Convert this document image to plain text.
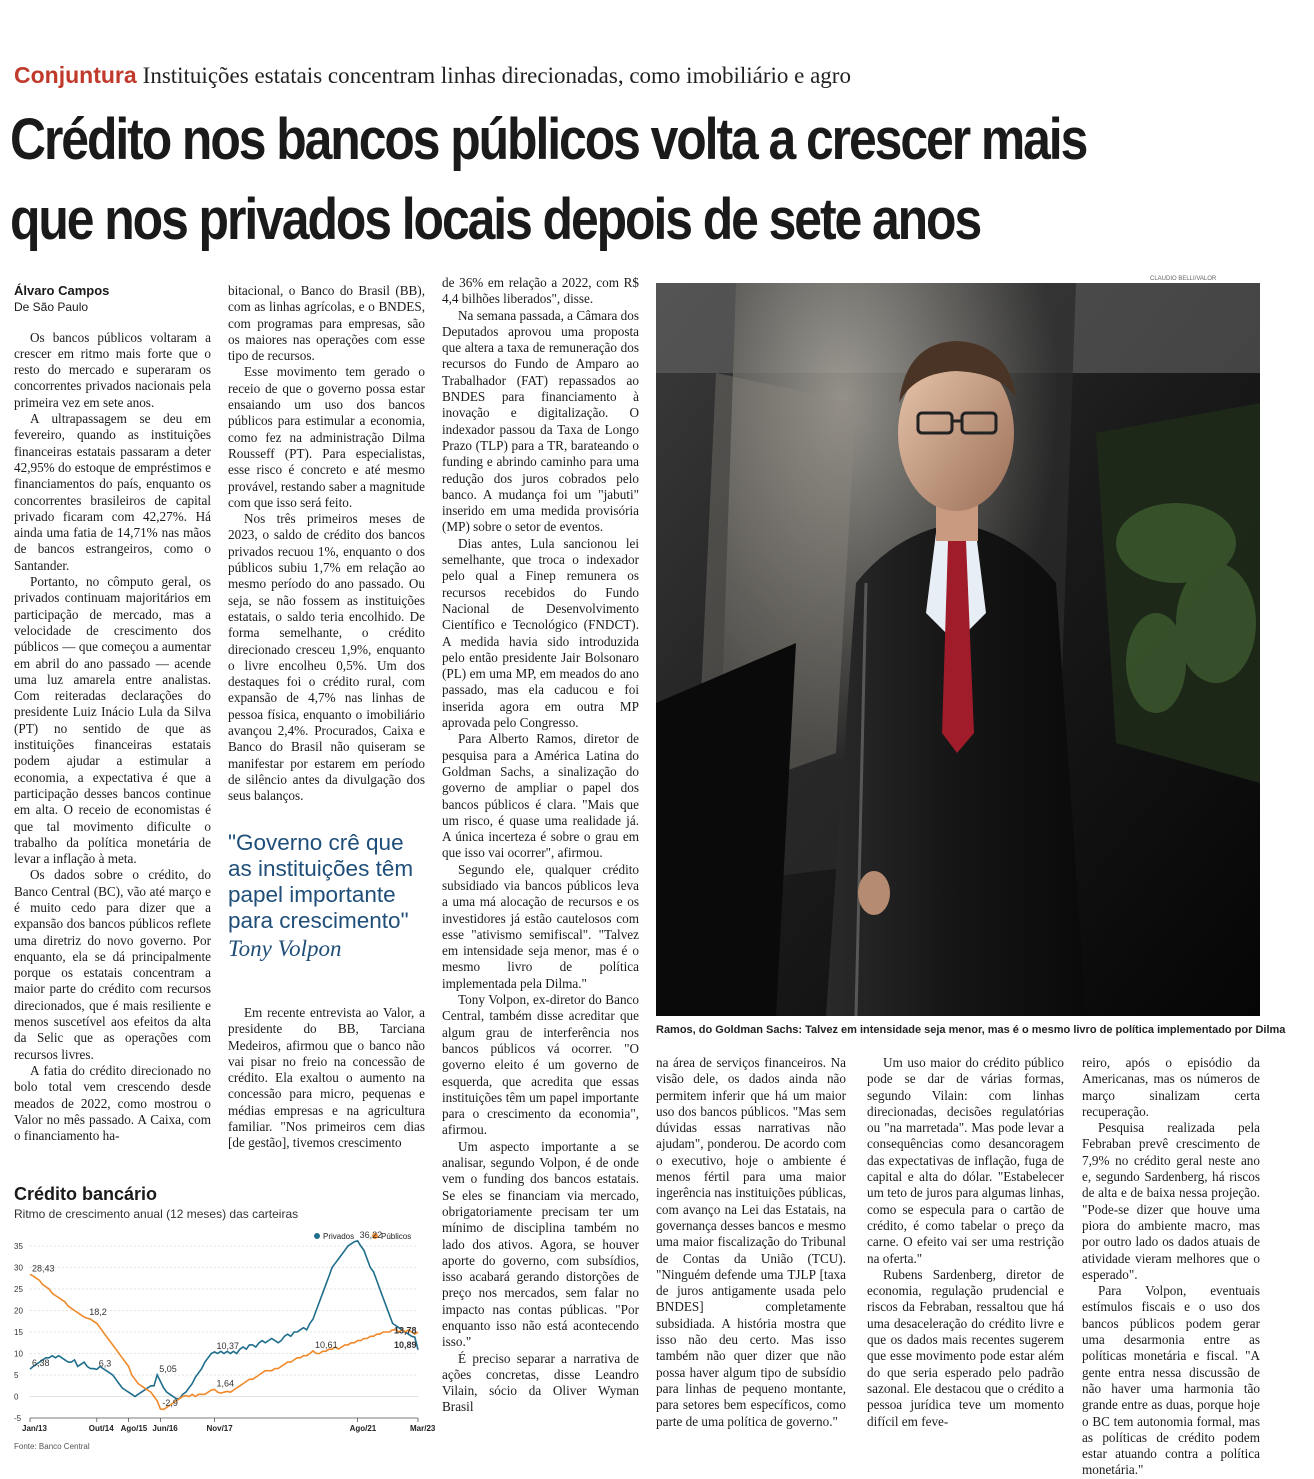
Conjuntura Instituições estatais concentram linhas direcionadas, como imobiliário e agro
Crédito nos bancos públicos volta a crescer mais
que nos privados locais depois de sete anos
Álvaro Campos
De São Paulo

Os bancos públicos voltaram a crescer em ritmo mais forte que o resto do mercado e superaram os concorrentes privados nacionais pela primeira vez em sete anos.

A ultrapassagem se deu em fevereiro, quando as instituições financeiras estatais passaram a deter 42,95% do estoque de empréstimos e financiamentos do país, enquanto os concorrentes brasileiros de capital privado ficaram com 42,27%. Há ainda uma fatia de 14,71% nas mãos de bancos estrangeiros, como o Santander.

Portanto, no cômputo geral, os privados continuam majoritários em participação de mercado, mas a velocidade de crescimento dos públicos — que começou a aumentar em abril do ano passado — acende uma luz amarela entre analistas. Com reiteradas declarações do presidente Luiz Inácio Lula da Silva (PT) no sentido de que as instituições financeiras estatais podem ajudar a estimular a economia, a expectativa é que a participação desses bancos continue em alta. O receio de economistas é que tal movimento dificulte o trabalho da política monetária de levar a inflação à meta.

Os dados sobre o crédito, do Banco Central (BC), vão até março e é muito cedo para dizer que a expansão dos bancos públicos reflete uma diretriz do novo governo. Por enquanto, ela se dá principalmente porque os estatais concentram a maior parte do crédito com recursos direcionados, que é mais resiliente e menos suscetível aos efeitos da alta da Selic que as operações com recursos livres.

A fatia do crédito direcionado no bolo total vem crescendo desde meados de 2022, como mostrou o Valor no mês passado. A Caixa, com o financiamento ha-

bitacional, o Banco do Brasil (BB), com as linhas agrícolas, e o BNDES, com programas para empresas, são os maiores nas operações com esse tipo de recursos.

Esse movimento tem gerado o receio de que o governo possa estar ensaiando um uso dos bancos públicos para estimular a economia, como fez na administração Dilma Rousseff (PT). Para especialistas, esse risco é concreto e até mesmo provável, restando saber a magnitude com que isso será feito.

Nos três primeiros meses de 2023, o saldo de crédito dos bancos privados recuou 1%, enquanto o dos públicos subiu 1,7% em relação ao mesmo período do ano passado. Ou seja, se não fossem as instituições estatais, o saldo teria encolhido. De forma semelhante, o crédito direcionado cresceu 1,9%, enquanto o livre encolheu 0,5%. Um dos destaques foi o crédito rural, com expansão de 4,7% nas linhas de pessoa física, enquanto o imobiliário avançou 2,4%. Procurados, Caixa e Banco do Brasil não quiseram se manifestar por estarem em período de silêncio antes da divulgação dos seus balanços.

"Governo crê que as instituições têm papel importante para crescimento"
Tony Volpon

Em recente entrevista ao Valor, a presidente do BB, Tarciana Medeiros, afirmou que o banco não vai pisar no freio na concessão de crédito. Ela exaltou o aumento na concessão para micro, pequenas e médias empresas e na agricultura familiar. "Nos primeiros cem dias [de gestão], tivemos crescimento

de 36% em relação a 2022, com R$ 4,4 bilhões liberados", disse.

Na semana passada, a Câmara dos Deputados aprovou uma proposta que altera a taxa de remuneração dos recursos do Fundo de Amparo ao Trabalhador (FAT) repassados ao BNDES para financiamento à inovação e digitalização. O indexador passou da Taxa de Longo Prazo (TLP) para a TR, barateando o funding e abrindo caminho para uma redução dos juros cobrados pelo banco. A mudança foi um "jabuti" inserido em uma medida provisória (MP) sobre o setor de eventos.

Dias antes, Lula sancionou lei semelhante, que troca o indexador pelo qual a Finep remunera os recursos recebidos do Fundo Nacional de Desenvolvimento Científico e Tecnológico (FNDCT). A medida havia sido introduzida pelo então presidente Jair Bolsonaro (PL) em uma MP, em meados do ano passado, mas ela caducou e foi inserida agora em outra MP aprovada pelo Congresso.

Para Alberto Ramos, diretor de pesquisa para a América Latina do Goldman Sachs, a sinalização do governo de ampliar o papel dos bancos públicos é clara. "Mais que um risco, é quase uma realidade já. A única incerteza é sobre o grau em que isso vai ocorrer", afirmou.

Segundo ele, qualquer crédito subsidiado via bancos públicos leva a uma má alocação de recursos e os investidores já estão cautelosos com esse "ativismo semifiscal". "Talvez em intensidade seja menor, mas é o mesmo livro de política implementada pela Dilma."

Tony Volpon, ex-diretor do Banco Central, também disse acreditar que algum grau de interferência nos bancos públicos vá ocorrer. "O governo eleito é um governo de esquerda, que acredita que essas instituições têm um papel importante para o crescimento da economia", afirmou.

Um aspecto importante a se analisar, segundo Volpon, é de onde vem o funding dos bancos estatais. Se eles se financiam via mercado, obrigatoriamente precisam ter um mínimo de disciplina também no lado dos ativos. Agora, se houver aporte do governo, com subsídios, isso acabará gerando distorções de preço nos mercados, sem falar no impacto nas contas públicas. "Por enquanto isso não está acontecendo isso."

É preciso separar a narrativa de ações concretas, disse Leandro Vilain, sócio da Oliver Wyman Brasil

CLAUDIO BELLI/VALOR
Ramos, do Goldman Sachs: Talvez em intensidade seja menor, mas é o mesmo livro de política implementado por Dilma

na área de serviços financeiros. Na visão dele, os dados ainda não permitem inferir que há um maior uso dos bancos públicos. "Mas sem dúvidas essas narrativas não ajudam", ponderou. De acordo com o executivo, hoje o ambiente é menos fértil para uma maior ingerência nas instituições públicas, com avanço na Lei das Estatais, na governança desses bancos e mesmo uma maior fiscalização do Tribunal de Contas da União (TCU). "Ninguém defende uma TJLP [taxa de juros antigamente usada pelo BNDES] completamente subsidiada. A história mostra que isso não deu certo. Mas isso também não quer dizer que não possa haver algum tipo de subsídio para linhas de pequeno montante, para setores bem específicos, como parte de uma política de governo."

Um uso maior do crédito público pode se dar de várias formas, segundo Vilain: com linhas direcionadas, decisões regulatórias ou "na marretada". Mas pode levar a consequências como desancoragem das expectativas de inflação, fuga de capital e alta do dólar. "Estabelecer um teto de juros para algumas linhas, como se especula para o cartão de crédito, é como tabelar o preço da carne. O efeito vai ser uma restrição na oferta."

Rubens Sardenberg, diretor de economia, regulação prudencial e riscos da Febraban, ressaltou que há uma desaceleração do crédito livre e que os dados mais recentes sugerem que esse movimento pode estar além do que seria esperado pelo padrão sazonal. Ele destacou que o crédito a pessoa jurídica teve um momento difícil em feve-

reiro, após o episódio da Americanas, mas os números de março sinalizam certa recuperação.

Pesquisa realizada pela Febraban prevê crescimento de 7,9% no crédito geral neste ano e, segundo Sardenberg, há riscos de alta e de baixa nessa projeção. "Pode-se dizer que houve uma piora do ambiente macro, mas por outro lado os dados atuais de atividade vieram melhores que o esperado".

Para Volpon, eventuais estímulos fiscais e o uso dos bancos públicos podem gerar uma desarmonia entre as políticas monetária e fiscal. "A gente entra nessa discussão de não haver uma harmonia tão grande entre as duas, porque hoje o BC tem autonomia formal, mas as políticas de crédito podem estar atuando contra a política monetária."

Crédito bancário
Ritmo de crescimento anual (12 meses) das carteiras
-5
0
5
10
15
20
25
30
35
Jan/13	Out/14 Ago/15 Jun/16	Nov/17	Ago/21	Mar/23
Privados	Públicos
28,43
6,38
18,2
6,3
5,05
-2,9
10,37
1,64
36,22
10,61
13,78
10,89
Fonte: Banco Central
